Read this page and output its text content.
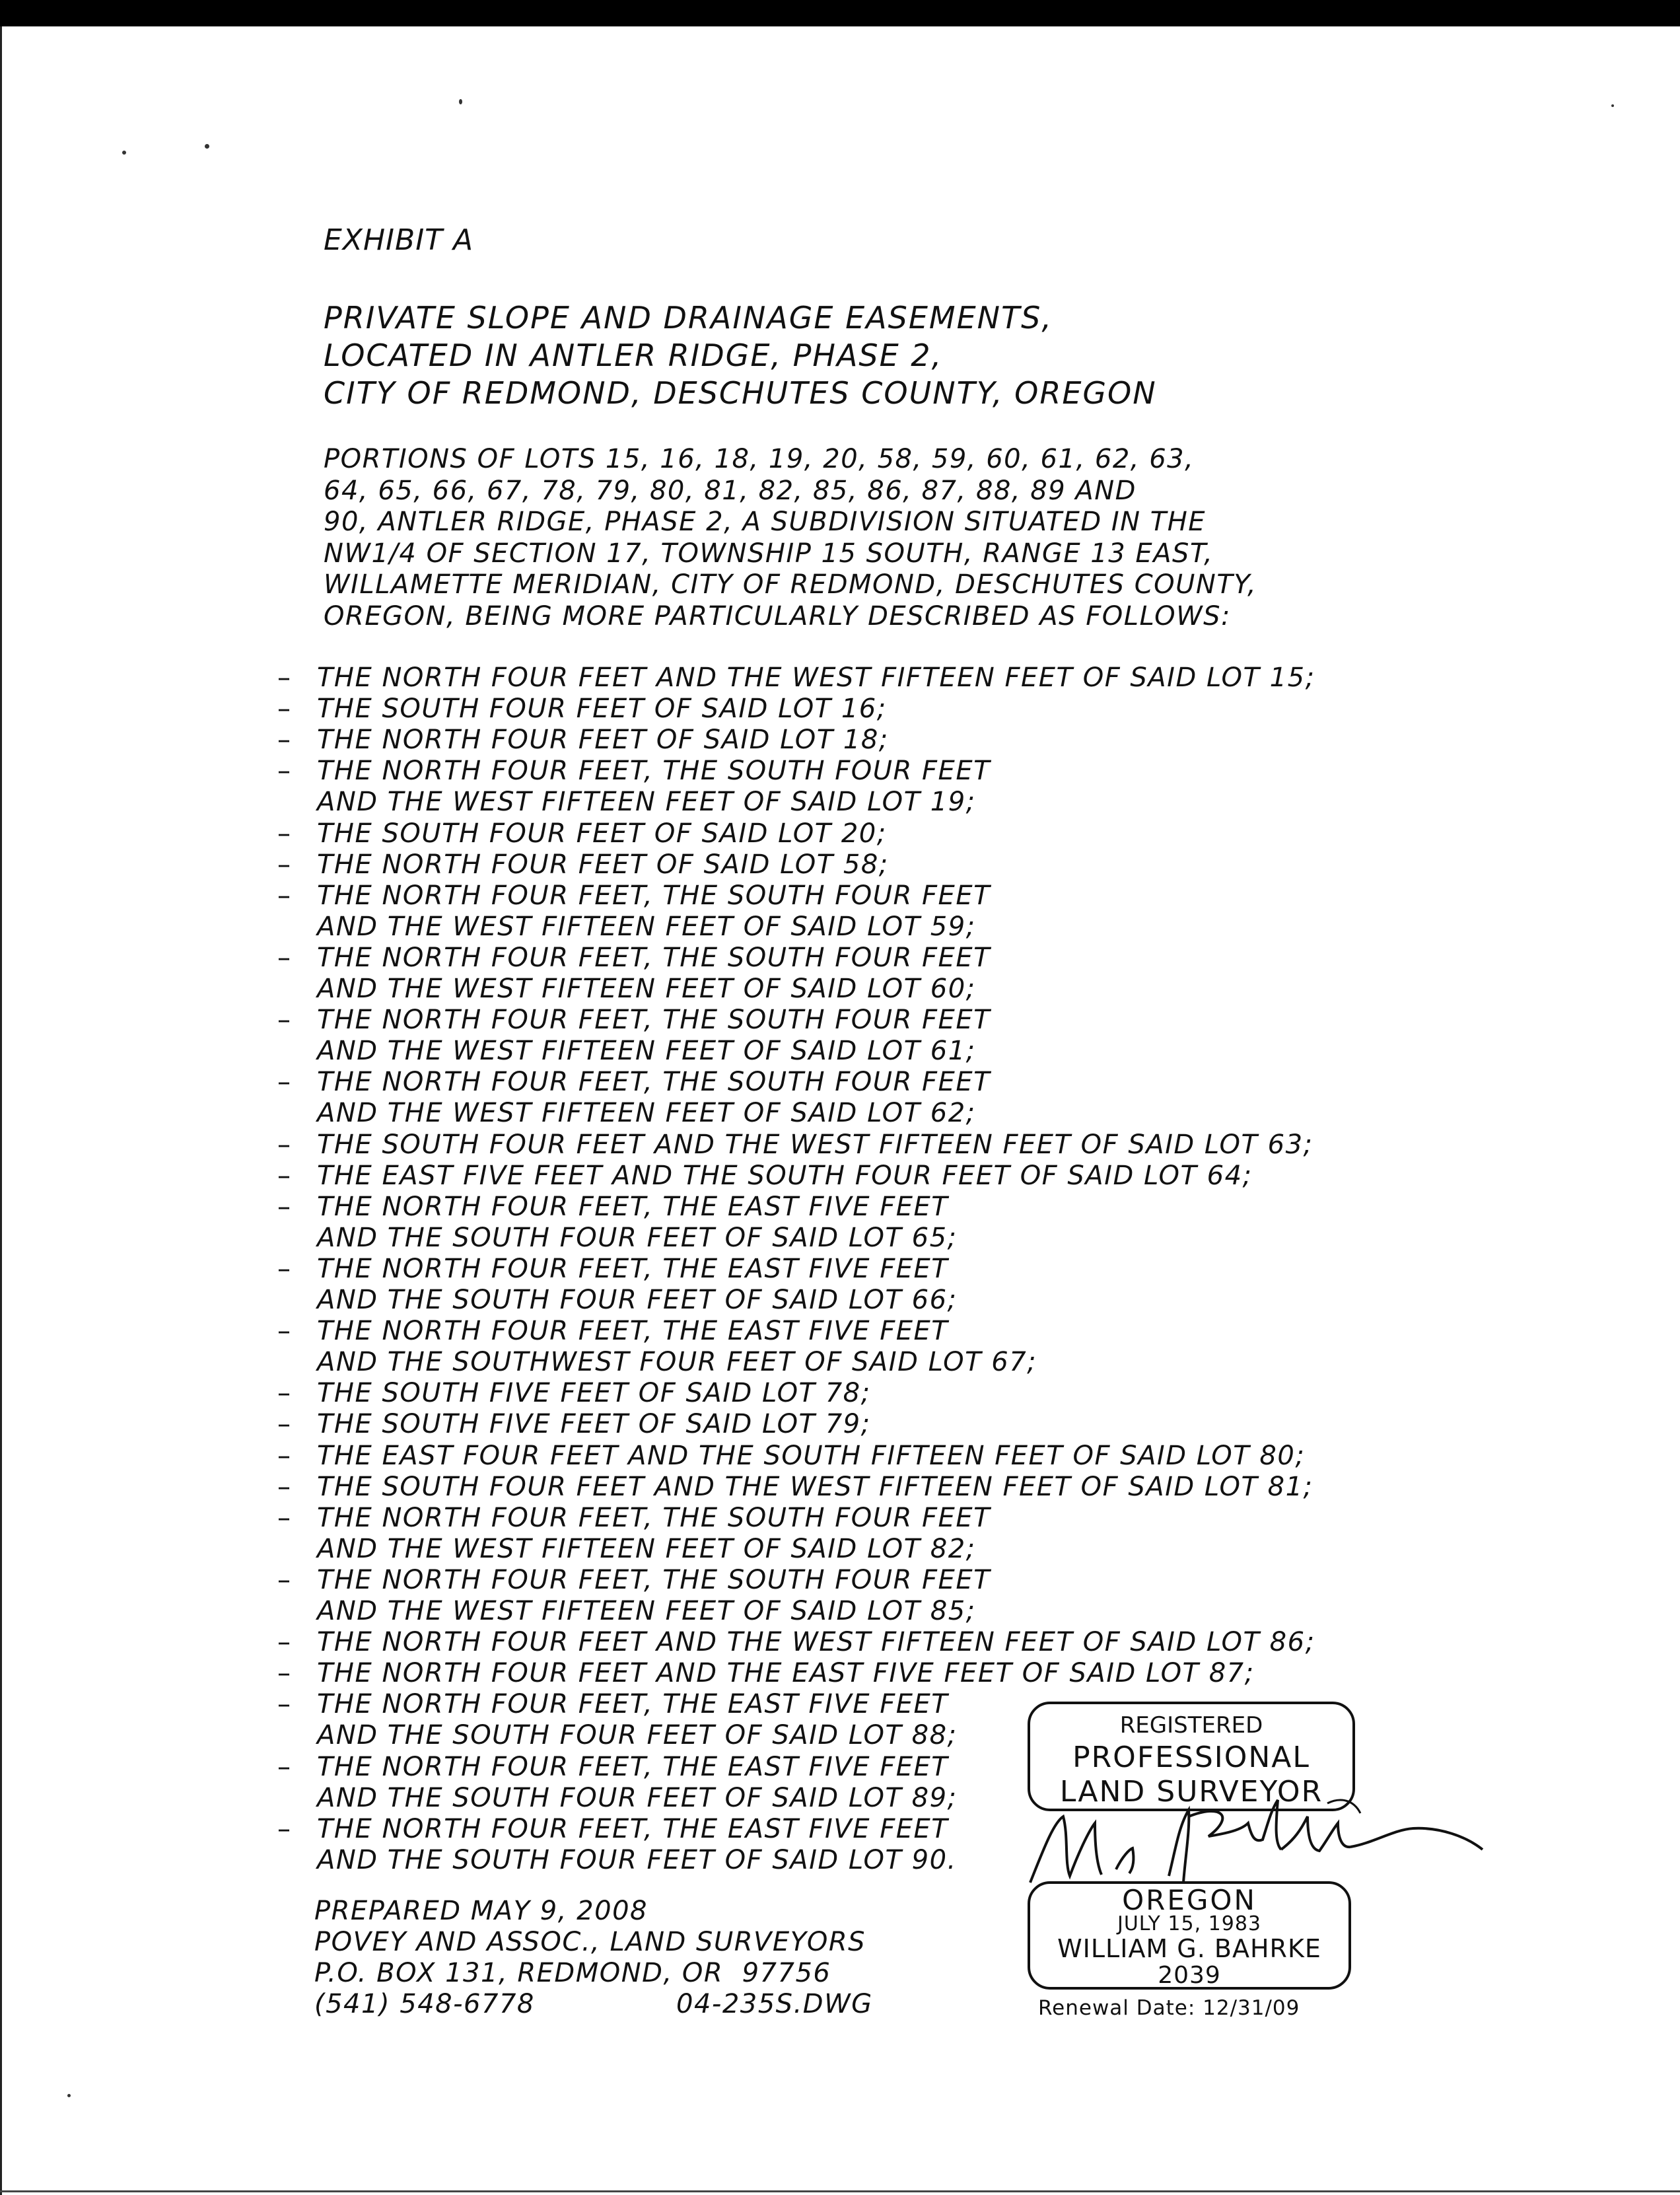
EXHIBIT A
PRIVATE SLOPE AND DRAINAGE EASEMENTS,
LOCATED IN ANTLER RIDGE, PHASE 2,
CITY OF REDMOND, DESCHUTES COUNTY, OREGON
PORTIONS OF LOTS 15, 16, 18, 19, 20, 58, 59, 60, 61, 62, 63,
64, 65, 66, 67, 78, 79, 80, 81, 82, 85, 86, 87, 88, 89 AND
90, ANTLER RIDGE, PHASE 2, A SUBDIVISION SITUATED IN THE
NW1/4 OF SECTION 17, TOWNSHIP 15 SOUTH, RANGE 13 EAST,
WILLAMETTE MERIDIAN, CITY OF REDMOND, DESCHUTES COUNTY,
OREGON, BEING MORE PARTICULARLY DESCRIBED AS FOLLOWS:
– THE NORTH FOUR FEET AND THE WEST FIFTEEN FEET OF SAID LOT 15;
– THE SOUTH FOUR FEET OF SAID LOT 16;
– THE NORTH FOUR FEET OF SAID LOT 18;
– THE NORTH FOUR FEET, THE SOUTH FOUR FEET
AND THE WEST FIFTEEN FEET OF SAID LOT 19;
– THE SOUTH FOUR FEET OF SAID LOT 20;
– THE NORTH FOUR FEET OF SAID LOT 58;
– THE NORTH FOUR FEET, THE SOUTH FOUR FEET
AND THE WEST FIFTEEN FEET OF SAID LOT 59;
– THE NORTH FOUR FEET, THE SOUTH FOUR FEET
AND THE WEST FIFTEEN FEET OF SAID LOT 60;
– THE NORTH FOUR FEET, THE SOUTH FOUR FEET
AND THE WEST FIFTEEN FEET OF SAID LOT 61;
– THE NORTH FOUR FEET, THE SOUTH FOUR FEET
AND THE WEST FIFTEEN FEET OF SAID LOT 62;
– THE SOUTH FOUR FEET AND THE WEST FIFTEEN FEET OF SAID LOT 63;
– THE EAST FIVE FEET AND THE SOUTH FOUR FEET OF SAID LOT 64;
– THE NORTH FOUR FEET, THE EAST FIVE FEET
AND THE SOUTH FOUR FEET OF SAID LOT 65;
– THE NORTH FOUR FEET, THE EAST FIVE FEET
AND THE SOUTH FOUR FEET OF SAID LOT 66;
– THE NORTH FOUR FEET, THE EAST FIVE FEET
AND THE SOUTHWEST FOUR FEET OF SAID LOT 67;
– THE SOUTH FIVE FEET OF SAID LOT 78;
– THE SOUTH FIVE FEET OF SAID LOT 79;
– THE EAST FOUR FEET AND THE SOUTH FIFTEEN FEET OF SAID LOT 80;
– THE SOUTH FOUR FEET AND THE WEST FIFTEEN FEET OF SAID LOT 81;
– THE NORTH FOUR FEET, THE SOUTH FOUR FEET
AND THE WEST FIFTEEN FEET OF SAID LOT 82;
– THE NORTH FOUR FEET, THE SOUTH FOUR FEET
AND THE WEST FIFTEEN FEET OF SAID LOT 85;
– THE NORTH FOUR FEET AND THE WEST FIFTEEN FEET OF SAID LOT 86;
– THE NORTH FOUR FEET AND THE EAST FIVE FEET OF SAID LOT 87;
– THE NORTH FOUR FEET, THE EAST FIVE FEET
AND THE SOUTH FOUR FEET OF SAID LOT 88;
– THE NORTH FOUR FEET, THE EAST FIVE FEET
AND THE SOUTH FOUR FEET OF SAID LOT 89;
– THE NORTH FOUR FEET, THE EAST FIVE FEET
AND THE SOUTH FOUR FEET OF SAID LOT 90.
PREPARED MAY 9, 2008
POVEY AND ASSOC., LAND SURVEYORS
P.O. BOX 131, REDMOND, OR  97756
(541) 548-6778	04-235S.DWG
REGISTERED
PROFESSIONAL
LAND SURVEYOR
OREGON
JULY 15, 1983
WILLIAM G. BAHRKE
2039
Renewal Date: 12/31/09
